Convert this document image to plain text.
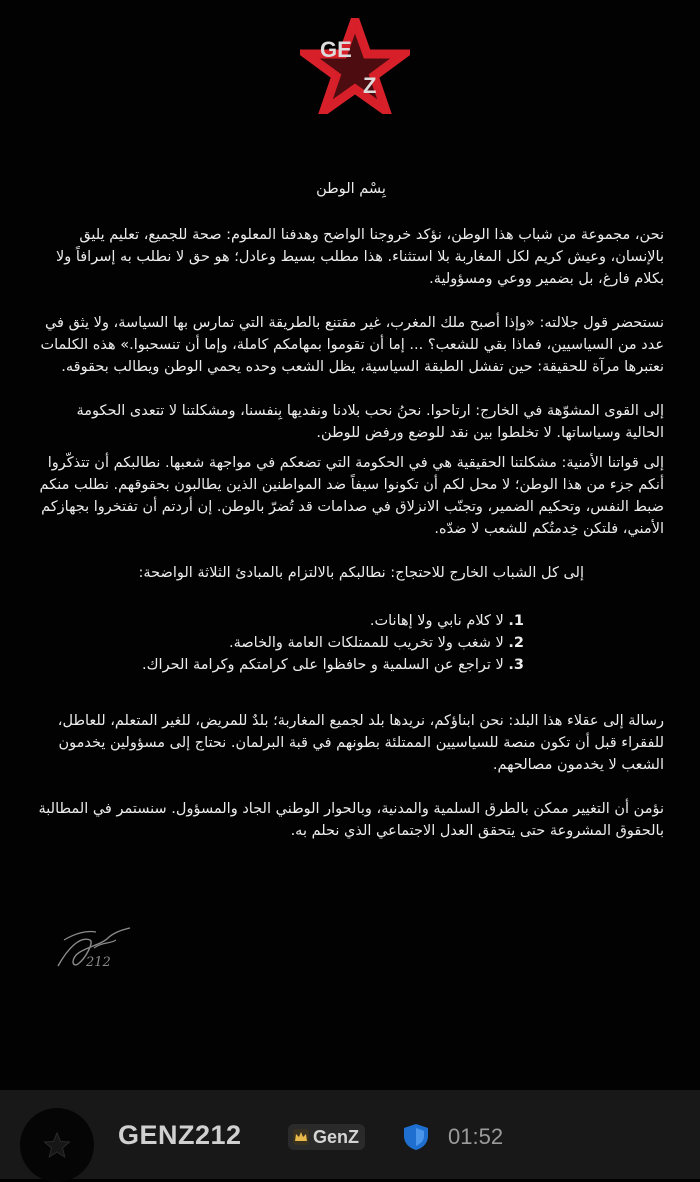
GE
Z

بِسْم الوطن

نحن، مجموعة من شباب هذا الوطن، نؤكد خروجنا الواضح وهدفنا المعلوم: صحة للجميع، تعليم يليق بالإنسان، وعيش كريم لكل المغاربة بلا استثناء. هذا مطلب بسيط وعادل؛ هو حق لا نطلب به إسرافاً ولا بكلام فارغ، بل بضمير ووعي ومسؤولية.

نستحضر قول جلالته: «وإذا أصبح ملك المغرب، غير مقتنع بالطريقة التي تمارس بها السياسة، ولا يثق في عدد من السياسيين، فماذا بقي للشعب؟ ... إما أن تقوموا بمهامكم كاملة، وإما أن تنسحبوا.» هذه الكلمات نعتبرها مرآة للحقيقة: حين تفشل الطبقة السياسية، يظل الشعب وحده يحمي الوطن ويطالب بحقوقه.

إلى القوى المشوّهة في الخارج: ارتاحوا. نحنُ نحب بلادنا ونفديها بِنفسنا، ومشكلتنا لا تتعدى الحكومة الحالية وسياساتها. لا تخلطوا بين نقد للوضع ورفض للوطن.

إلى قواتنا الأمنية: مشكلتنا الحقيقية هي في الحكومة التي تضعكم في مواجهة شعبها. نطالبكم أن تتذكّروا أنكم جزء من هذا الوطن؛ لا محل لكم أن تكونوا سيفاً ضد المواطنين الذين يطالبون بحقوقهم. نطلب منكم ضبط النفس، وتحكيم الضمير، وتجنّب الانزلاق في صدامات قد تُضرّ بالوطن. إن أردتم أن تفتخروا بجهازكم الأمني، فلتكن خِدمتُكم للشعب لا ضدّه.

إلى كل الشباب الخارج للاحتجاج: نطالبكم بالالتزام بالمبادئ الثلاثة الواضحة:

1. لا كلام نابي ولا إهانات.
2. لا شغب ولا تخريب للممتلكات العامة والخاصة.
3. لا تراجع عن السلمية و حافظوا على كرامتكم وكرامة الحراك.

رسالة إلى عقلاء هذا البلد: نحن ابناؤكم، نريدها بلد لجميع المغاربة؛ بلدٌ للمريض، للغير المتعلم، للعاطل، للفقراء قبل أن تكون منصة للسياسيين الممتلئة بطونهم في قبة البرلمان. نحتاج إلى مسؤولين يخدمون الشعب لا يخدمون مصالحهم.

نؤمن أن التغيير ممكن بالطرق السلمية والمدنية، وبالحوار الوطني الجاد والمسؤول. سنستمر في المطالبة بالحقوق المشروعة حتى يتحقق العدل الاجتماعي الذي نحلم به.

212
GENZ212	GenZ	01:52
